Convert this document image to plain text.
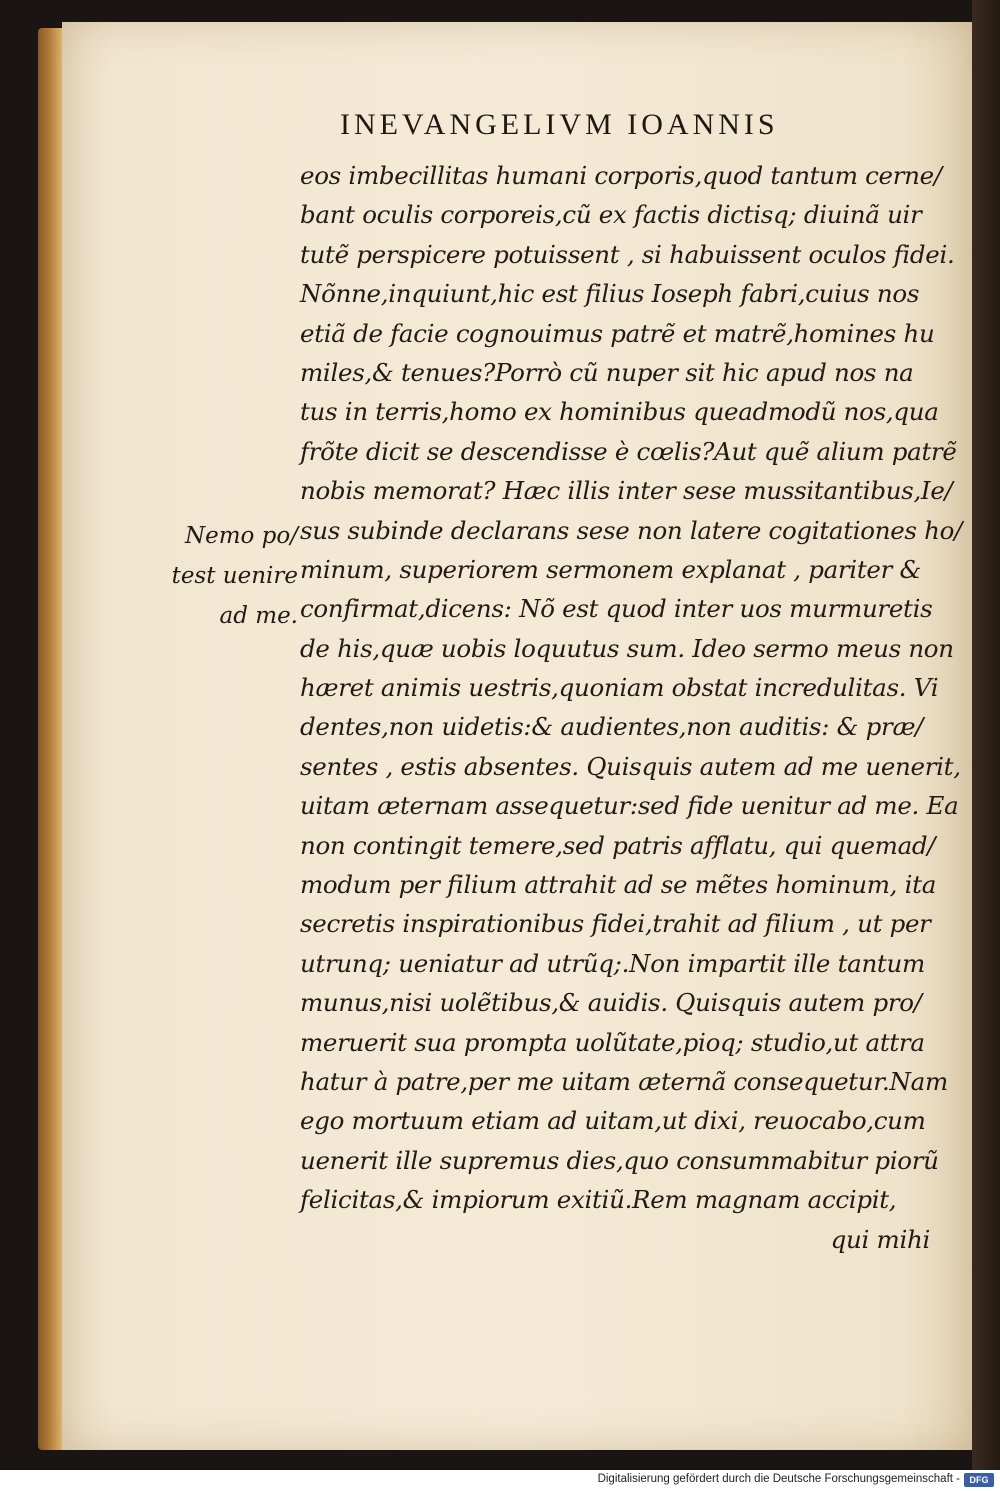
INEVANGELIVM IOANNIS
Nemo po/
test uenire
ad me.
eos imbecillitas humani corporis,quod tantum cerne/
bant oculis corporeis,cũ ex factis dictisq; diuinã uir
tutẽ perspicere potuissent , si habuissent oculos fidei.
Nõnne,inquiunt,hic est filius Ioseph fabri,cuius nos
etiã de facie cognouimus patrẽ et matrẽ,homines hu
miles,& tenues?Porrò cũ nuper sit hic apud nos na
tus in terris,homo ex hominibus queadmodũ nos,qua
frõte dicit se descendisse è cœlis?Aut quẽ alium patrẽ
nobis memorat? Hæc illis inter sese mussitantibus,Ie/
sus subinde declarans sese non latere cogitationes ho/
minum, superiorem sermonem explanat , pariter &
confirmat,dicens: Nõ est quod inter uos murmuretis
de his,quæ uobis loquutus sum. Ideo sermo meus non
hæret animis uestris,quoniam obstat incredulitas. Vi
dentes,non uidetis:& audientes,non auditis: & præ/
sentes , estis absentes. Quisquis autem ad me uenerit,
uitam æternam assequetur:sed fide uenitur ad me. Ea
non contingit temere,sed patris afflatu, qui quemad/
modum per filium attrahit ad se mẽtes hominum, ita
secretis inspirationibus fidei,trahit ad filium , ut per
utrunq; ueniatur ad utrũq;.Non impartit ille tantum
munus,nisi uolẽtibus,& auidis. Quisquis autem pro/
meruerit sua prompta uolũtate,pioq; studio,ut attra
hatur à patre,per me uitam æternã consequetur.Nam
ego mortuum etiam ad uitam,ut dixi, reuocabo,cum
uenerit ille supremus dies,quo consummabitur piorũ
felicitas,& impiorum exitiũ.Rem magnam accipit,
qui mihi
Digitalisierung gefördert durch die Deutsche Forschungsgemeinschaft -	DFG
